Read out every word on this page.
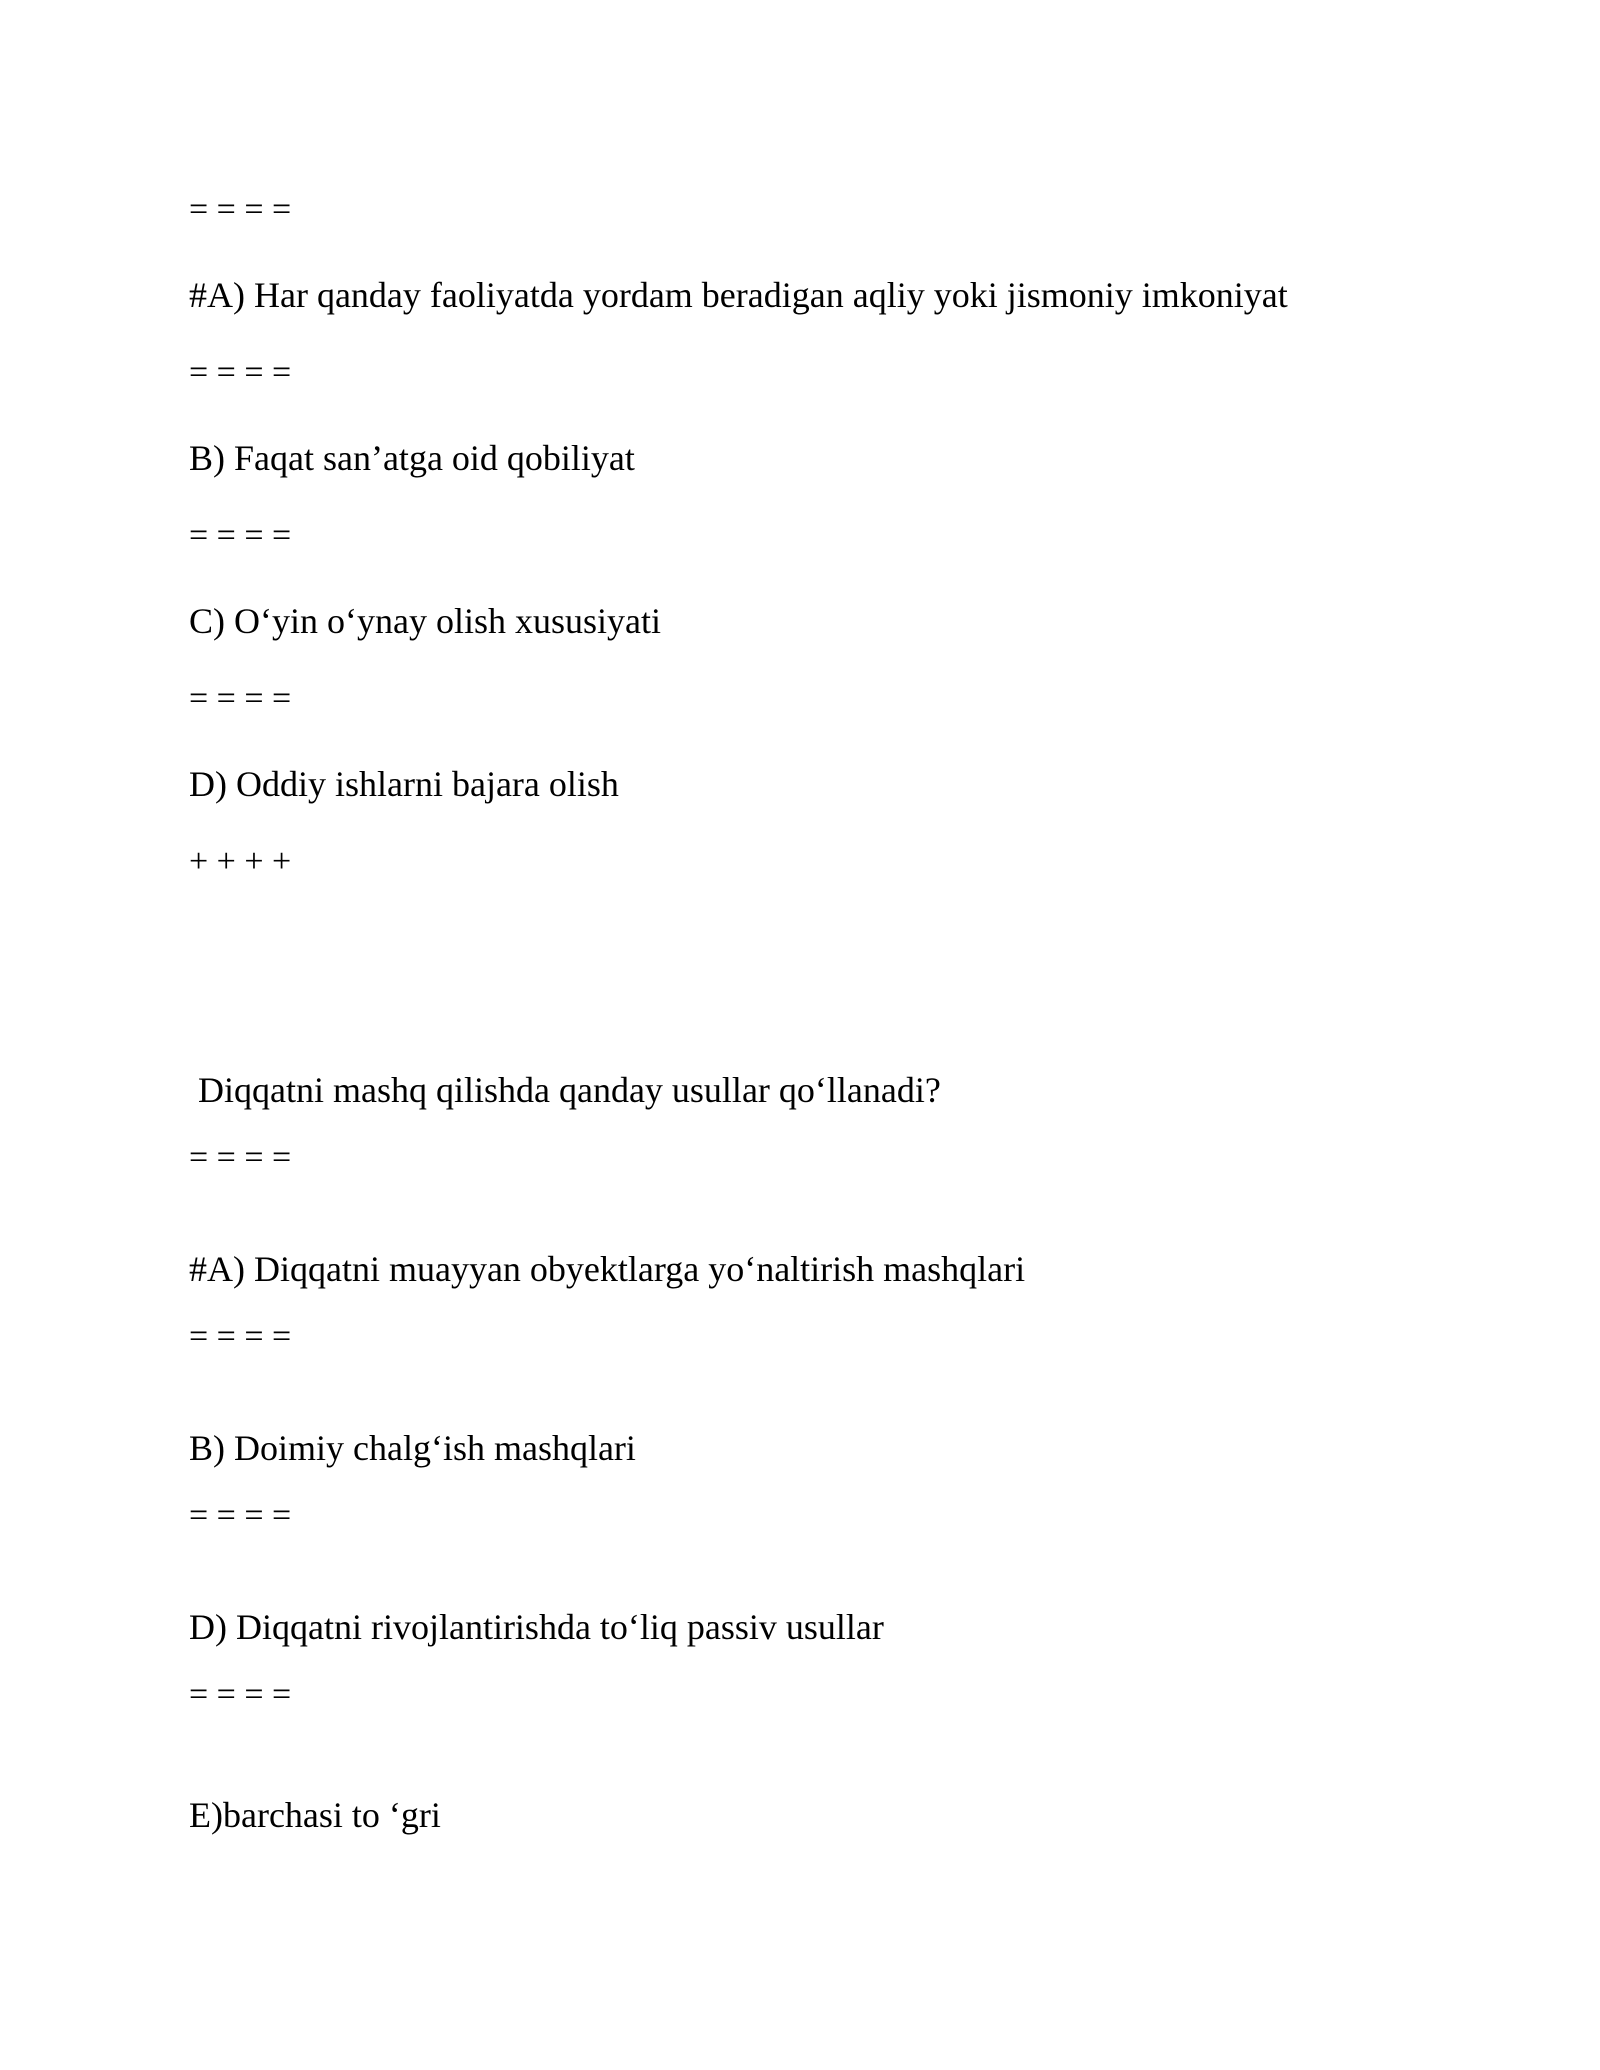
= = = =
#A) Har qanday faoliyatda yordam beradigan aqliy yoki jismoniy imkoniyat
= = = =
B) Faqat san’atga oid qobiliyat
= = = =
C) O‘yin o‘ynay olish xususiyati
= = = =
D) Oddiy ishlarni bajara olish
+ + + +
Diqqatni mashq qilishda qanday usullar qo‘llanadi?
= = = =
#A) Diqqatni muayyan obyektlarga yo‘naltirish mashqlari
= = = =
B) Doimiy chalg‘ish mashqlari
= = = =
D) Diqqatni rivojlantirishda to‘liq passiv usullar
= = = =
E)barchasi to ‘gri
